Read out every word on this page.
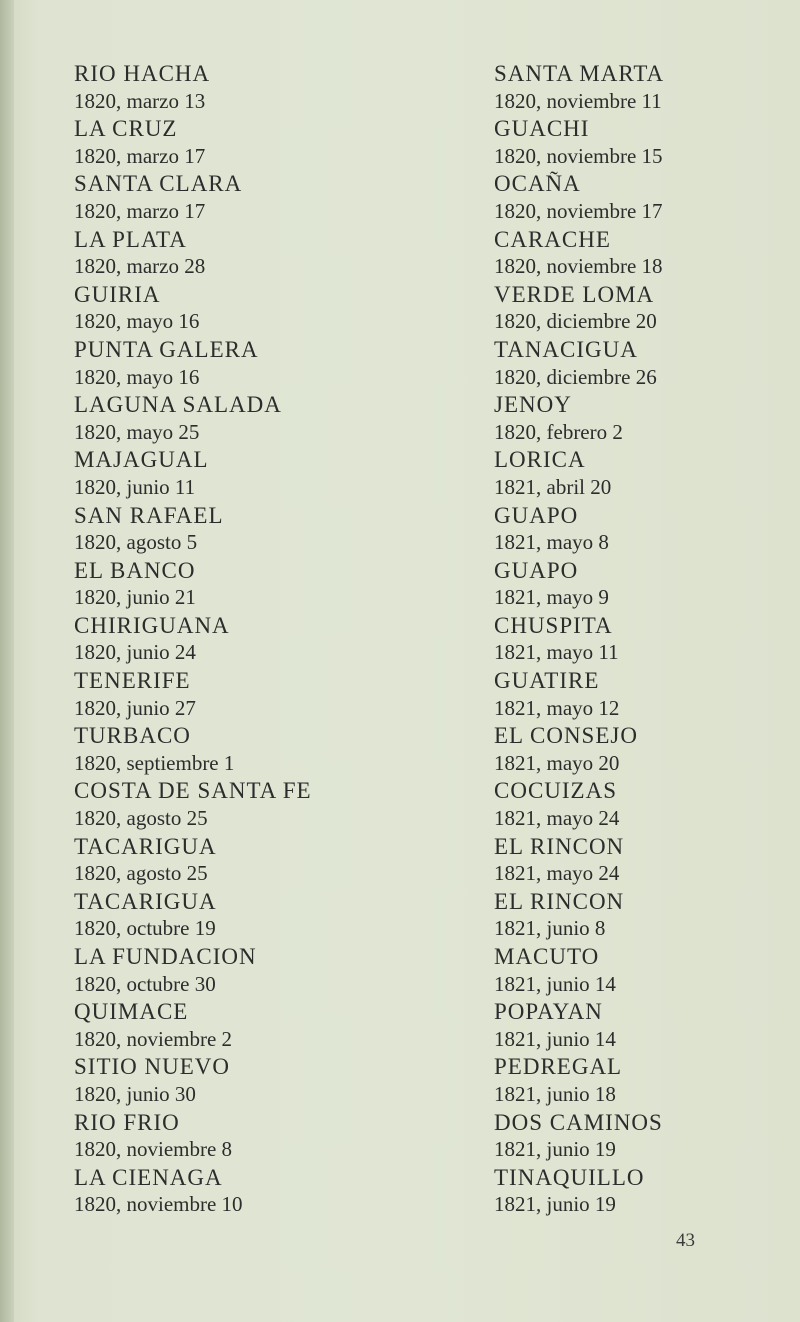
RIO HACHA
1820, marzo 13
LA CRUZ
1820, marzo 17
SANTA CLARA
1820, marzo 17
LA PLATA
1820, marzo 28
GUIRIA
1820, mayo 16
PUNTA GALERA
1820, mayo 16
LAGUNA SALADA
1820, mayo 25
MAJAGUAL
1820, junio 11
SAN RAFAEL
1820, agosto 5
EL BANCO
1820, junio 21
CHIRIGUANA
1820, junio 24
TENERIFE
1820, junio 27
TURBACO
1820, septiembre 1
COSTA DE SANTA FE
1820, agosto 25
TACARIGUA
1820, agosto 25
TACARIGUA
1820, octubre 19
LA FUNDACION
1820, octubre 30
QUIMACE
1820, noviembre 2
SITIO NUEVO
1820, junio 30
RIO FRIO
1820, noviembre 8
LA CIENAGA
1820, noviembre 10
SANTA MARTA
1820, noviembre 11
GUACHI
1820, noviembre 15
OCAÑA
1820, noviembre 17
CARACHE
1820, noviembre 18
VERDE LOMA
1820, diciembre 20
TANACIGUA
1820, diciembre 26
JENOY
1820, febrero 2
LORICA
1821, abril 20
GUAPO
1821, mayo 8
GUAPO
1821, mayo 9
CHUSPITA
1821, mayo 11
GUATIRE
1821, mayo 12
EL CONSEJO
1821, mayo 20
COCUIZAS
1821, mayo 24
EL RINCON
1821, mayo 24
EL RINCON
1821, junio 8
MACUTO
1821, junio 14
POPAYAN
1821, junio 14
PEDREGAL
1821, junio 18
DOS CAMINOS
1821, junio 19
TINAQUILLO
1821, junio 19
43
